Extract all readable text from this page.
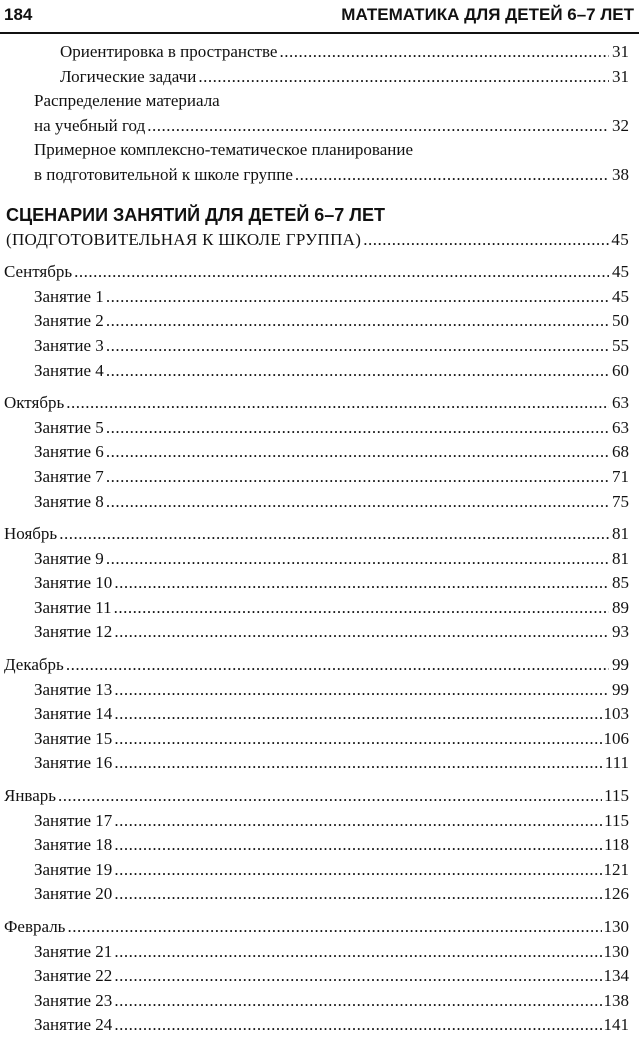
184	МАТЕМАТИКА ДЛЯ ДЕТЕЙ 6–7 ЛЕТ
Ориентировка в пространстве .....	31
Логические задачи .....	31
Распределение материала
на учебный год .....	32
Примерное комплексно-тематическое планирование
в подготовительной к школе группе .....	38
СЦЕНАРИИ ЗАНЯТИЙ ДЛЯ ДЕТЕЙ 6–7 ЛЕТ
(ПОДГОТОВИТЕЛЬНАЯ К ШКОЛЕ ГРУППА) .....	45
Сентябрь .....	45
Занятие 1 .....	45
Занятие 2 .....	50
Занятие 3 .....	55
Занятие 4 .....	60
Октябрь .....	63
Занятие 5 .....	63
Занятие 6 .....	68
Занятие 7 .....	71
Занятие 8 .....	75
Ноябрь .....	81
Занятие 9 .....	81
Занятие 10 .....	85
Занятие 11 .....	89
Занятие 12 .....	93
Декабрь .....	99
Занятие 13 .....	99
Занятие 14 .....	103
Занятие 15 .....	106
Занятие 16 .....	111
Январь .....	115
Занятие 17 .....	115
Занятие 18 .....	118
Занятие 19 .....	121
Занятие 20 .....	126
Февраль .....	130
Занятие 21 .....	130
Занятие 22 .....	134
Занятие 23 .....	138
Занятие 24 .....	141
